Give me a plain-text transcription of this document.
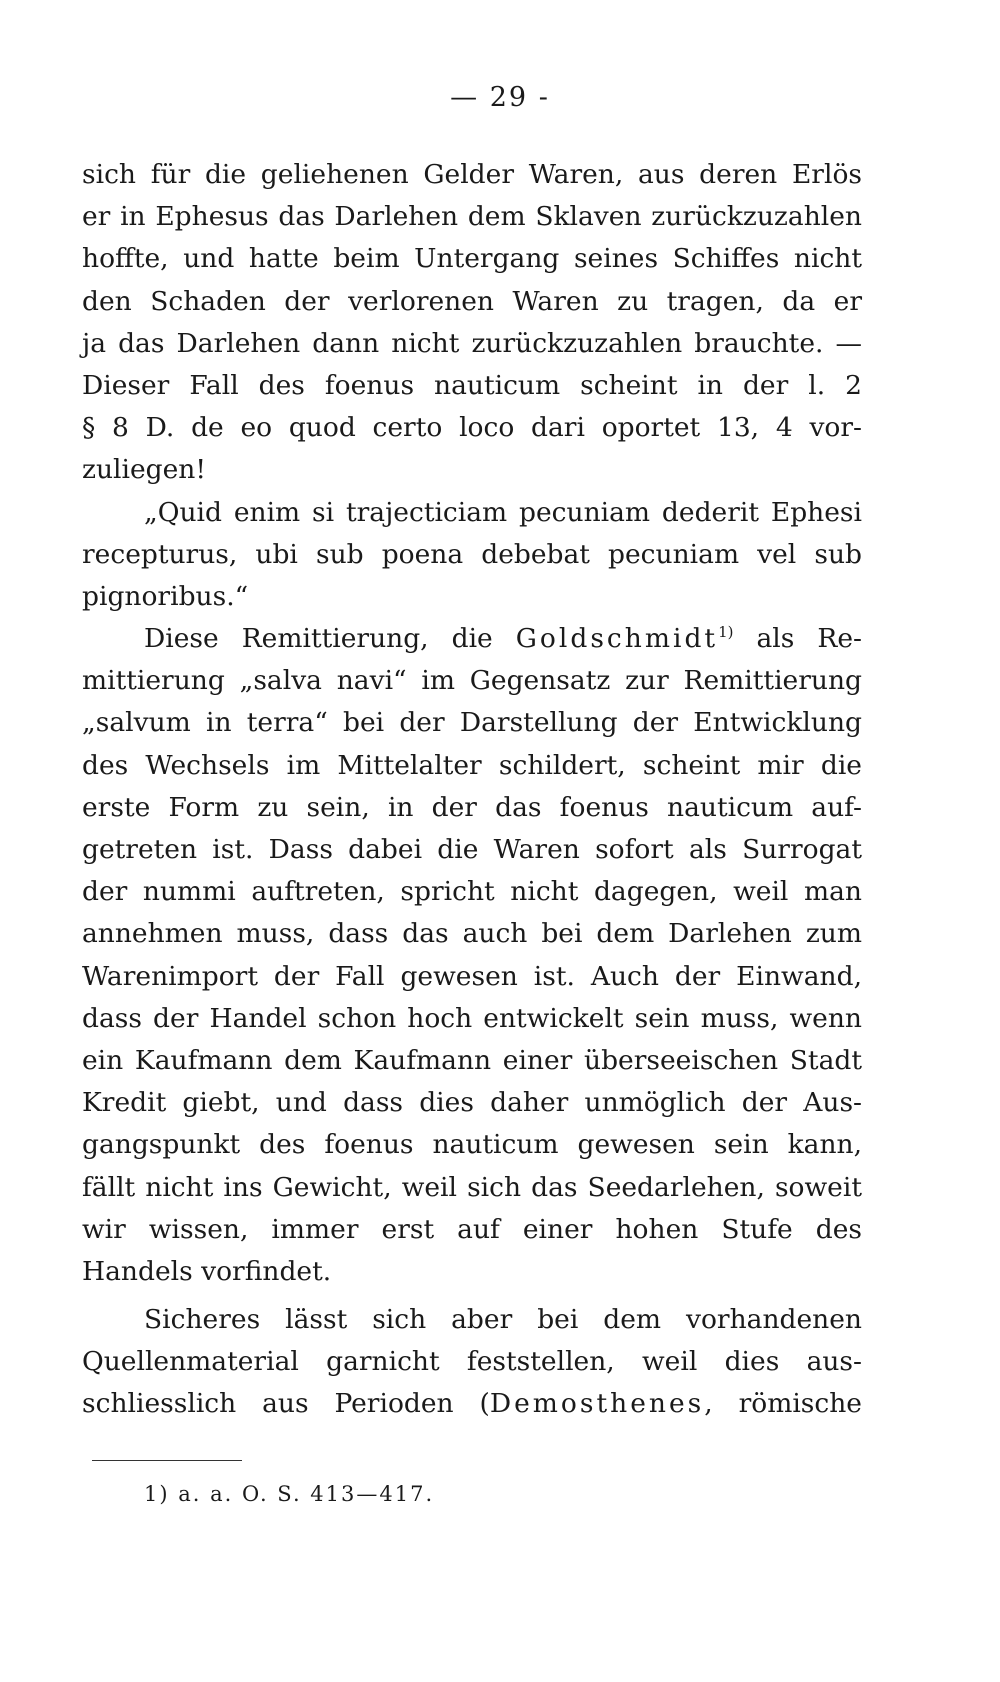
— 29 -
sich für die geliehenen Gelder Waren, aus deren Erlös
er in Ephesus das Darlehen dem Sklaven zurückzuzahlen
hoffte, und hatte beim Untergang seines Schiffes nicht
den Schaden der verlorenen Waren zu tragen, da er
ja das Darlehen dann nicht zurückzuzahlen brauchte. —
Dieser Fall des foenus nauticum scheint in der l. 2
§ 8 D. de eo quod certo loco dari oportet 13, 4 vor-
zuliegen!
„Quid enim si trajecticiam pecuniam dederit Ephesi
recepturus, ubi sub poena debebat pecuniam vel sub
pignoribus.“
Diese Remittierung, die Goldschmidt$^{1)}$ als Re-
mittierung „salva navi“ im Gegensatz zur Remittierung
„salvum in terra“ bei der Darstellung der Entwicklung
des Wechsels im Mittelalter schildert, scheint mir die
erste Form zu sein, in der das foenus nauticum auf-
getreten ist. Dass dabei die Waren sofort als Surrogat
der nummi auftreten, spricht nicht dagegen, weil man
annehmen muss, dass das auch bei dem Darlehen zum
Warenimport der Fall gewesen ist. Auch der Einwand,
dass der Handel schon hoch entwickelt sein muss, wenn
ein Kaufmann dem Kaufmann einer überseeischen Stadt
Kredit giebt, und dass dies daher unmöglich der Aus-
gangspunkt des foenus nauticum gewesen sein kann,
fällt nicht ins Gewicht, weil sich das Seedarlehen, soweit
wir wissen, immer erst auf einer hohen Stufe des
Handels vorfindet.
Sicheres lässt sich aber bei dem vorhandenen
Quellenmaterial garnicht feststellen, weil dies aus-
schliesslich aus Perioden (Demosthenes, römische
1) a. a. O. S. 413—417.
